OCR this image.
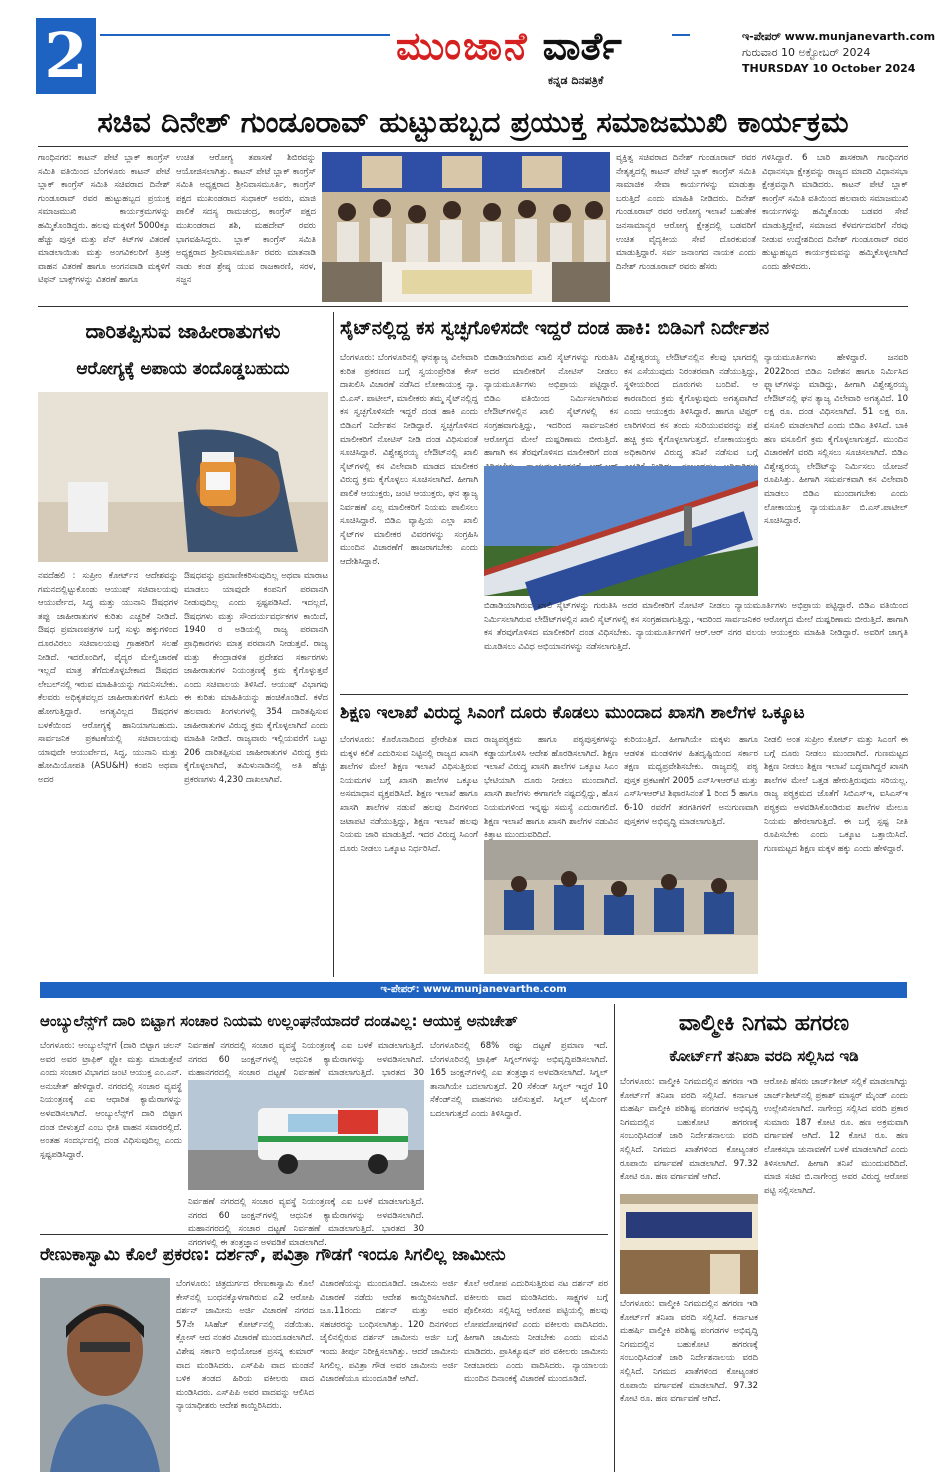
2	ಮುಂಜಾನೆ ವಾರ್ತೆ
ಕನ್ನಡ ದಿನಪತ್ರಿಕೆ
ಇ-ಪೇಪರ್ www.munjanevarth.com
ಗುರುವಾರ 10 ಅಕ್ಟೋಬರ್ 2024
THURSDAY 10 October 2024
ಸಚಿವ ದಿನೇಶ್ ಗುಂಡೂರಾವ್ ಹುಟ್ಟುಹಬ್ಬದ ಪ್ರಯುಕ್ತ ಸಮಾಜಮುಖಿ ಕಾರ್ಯಕ್ರಮ
ಗಾಂಧಿನಗರ: ಕಾಟನ್ ಪೇಟೆ ಬ್ಲಾಕ್ ಕಾಂಗ್ರೆಸ್ ಸಮಿತಿ ವತಿಯಿಂದ ಬೆಂಗಳೂರು ಕಾಟನ್ ಪೇಟೆ ಬ್ಲಾಕ್ ಕಾಂಗ್ರೆಸ್ ಸಮಿತಿ ಸಚಿವರಾದ ದಿನೇಶ್ ಗುಂಡೂರಾವ್ ರವರ ಹುಟ್ಟುಹಬ್ಬದ ಪ್ರಯುಕ್ತ ಸಮಾಜಮುಖಿ ಕಾರ್ಯಕ್ರಮಗಳನ್ನು ಹಮ್ಮಿಕೊಂಡಿದ್ದರು. ಹಲವು ಮಕ್ಕಳಿಗೆ 5000ಕ್ಕೂ ಹೆಚ್ಚು ಪುಸ್ತಕ ಮತ್ತು ಪೆನ್ ಕಿಟ್‌ಗಳ ವಿತರಣೆ ಮಾಡಲಾಯಿತು ಮತ್ತು ಅಂಗವಿಕಲರಿಗೆ ತ್ರಿಚಕ್ರ ವಾಹನ ವಿತರಣೆ ಹಾಗೂ ಅಂಗನವಾಡಿ ಮಕ್ಕಳಿಗೆ ಟಿಫನ್ ಬಾಕ್ಸ್‌ಗಳನ್ನು ವಿತರಣೆ ಹಾಗೂ
ಉಚಿತ ಆರೋಗ್ಯ ತಪಾಸಣೆ ಶಿಬಿರವನ್ನು ಆಯೋಜಿಸಲಾಗಿತ್ತು. ಕಾಟನ್ ಪೇಟೆ ಬ್ಲಾಕ್ ಕಾಂಗ್ರೆಸ್ ಸಮಿತಿ ಅಧ್ಯಕ್ಷರಾದ ಶ್ರೀನಿವಾಸಮೂರ್ತಿ, ಕಾಂಗ್ರೆಸ್ ಪಕ್ಷದ ಮುಖಂಡರಾದ ಸುಧಾಕರ್ ಅವರು, ಮಾಜಿ ಪಾಲಿಕೆ ಸದಸ್ಯ ರಾಮಚಂದ್ರ, ಕಾಂಗ್ರೆಸ್ ಪಕ್ಷದ ಮುಖಂಡರಾದ ಶಶಿ, ಮಹದೇವ್ ರವರು ಭಾಗವಹಿಸಿದ್ದರು. ಬ್ಲಾಕ್ ಕಾಂಗ್ರೆಸ್ ಸಮಿತಿ ಅಧ್ಯಕ್ಷರಾದ ಶ್ರೀನಿವಾಸಮೂರ್ತಿ ರವರು ಮಾತನಾಡಿ ನಾಡು ಕಂಡ ಶ್ರೇಷ್ಠ ಯುವ ರಾಜಕಾರಣಿ, ಸರಳ, ಸಜ್ಜನ
ವ್ಯಕ್ತಿತ್ವ ಸಚಿವರಾದ ದಿನೇಶ್ ಗುಂಡೂರಾವ್ ರವರ ನೇತೃತ್ವದಲ್ಲಿ ಕಾಟನ್ ಪೇಟೆ ಬ್ಲಾಕ್ ಕಾಂಗ್ರೆಸ್ ಸಮಿತಿ ಸಾಮಾಜಿಕ ಸೇವಾ ಕಾರ್ಯಗಳನ್ನು ಮಾಡುತ್ತಾ ಬರುತ್ತಿದೆ ಎಂದು ಮಾಹಿತಿ ನೀಡಿದರು. ದಿನೇಶ್ ಗುಂಡೂರಾವ್ ರವರ ಆರೋಗ್ಯ ಇಲಾಖೆ ಬಹುತೇಕ ಜನಸಾಮಾನ್ಯರ ಆರೋಗ್ಯ ಕ್ಷೇತ್ರದಲ್ಲಿ ಬಡವರಿಗೆ ಉಚಿತ ವೈದ್ಯಕೀಯ ಸೇವೆ ದೊರಕುವಂತೆ ಮಾಡುತ್ತಿದ್ದಾರೆ. ಸರ್ವ ಜನಾಂಗದ ನಾಯಕ ಎಂದು ದಿನೇಶ್ ಗುಂಡೂರಾವ್ ರವರು ಹೆಸರು
ಗಳಿಸಿದ್ದಾರೆ. 6 ಬಾರಿ ಶಾಸಕರಾಗಿ ಗಾಂಧಿನಗರ ವಿಧಾನಸಭಾ ಕ್ಷೇತ್ರವನ್ನು ರಾಜ್ಯದ ಮಾದರಿ ವಿಧಾನಸಭಾ ಕ್ಷೇತ್ರವನ್ನಾಗಿ ಮಾಡಿದರು. ಕಾಟನ್ ಪೇಟೆ ಬ್ಲಾಕ್ ಕಾಂಗ್ರೆಸ್ ಸಮಿತಿ ವತಿಯಿಂದ ಹಲವಾರು ಸಮಾಜಮುಖಿ ಕಾರ್ಯಗಳನ್ನು ಹಮ್ಮಿಕೊಂಡು ಬಡವರ ಸೇವೆ ಮಾಡುತ್ತಿದ್ದೇವೆ, ಸಮಾಜದ ಕೆಳವರ್ಗದವರಿಗೆ ನೆರವು ನೀಡುವ ಉದ್ದೇಶದಿಂದ ದಿನೇಶ್ ಗುಂಡೂರಾವ್ ರವರ ಹುಟ್ಟುಹಬ್ಬದ ಕಾರ್ಯಕ್ರಮವನ್ನು ಹಮ್ಮಿಕೊಳ್ಳಲಾಗಿದೆ ಎಂದು ಹೇಳಿದರು.
ದಾರಿತಪ್ಪಿಸುವ ಜಾಹೀರಾತುಗಳು
ಆರೋಗ್ಯಕ್ಕೆ ಅಪಾಯ ತಂದೊಡ್ಡಬಹುದು
ನವದೆಹಲಿ : ಸುಪ್ರೀಂ ಕೋರ್ಟ್‌ನ ಆದೇಶವನ್ನು ಗಮನದಲ್ಲಿಟ್ಟುಕೊಂಡು ಆಯುಷ್ ಸಚಿವಾಲಯವು ಆಯುರ್ವೇದ, ಸಿದ್ಧ ಮತ್ತು ಯುನಾನಿ ಔಷಧಗಳ ತಪ್ಪು ಜಾಹೀರಾತುಗಳ ಕುರಿತು ಎಚ್ಚರಿಕೆ ನೀಡಿದೆ. ಔಷಧ ಪ್ರಮಾಣಪತ್ರಗಳ ಬಗ್ಗೆ ಸುಳ್ಳು ಹಕ್ಕುಗಳಿಂದ ದೂರವಿರಲು ಸಚಿವಾಲಯವು ಗ್ರಾಹಕರಿಗೆ ಸಲಹೆ ನೀಡಿದೆ. ಇದರೊಂದಿಗೆ, ವೈದ್ಯರ ಮೇಲ್ವಿಚಾರಣೆ ಇಲ್ಲದೆ ಮಾತ್ರ ತೆಗೆದುಕೊಳ್ಳಬೇಕಾದ ಔಷಧದ ಲೇಬಲ್‌ನಲ್ಲಿ ಇರುವ ಮಾಹಿತಿಯನ್ನು ಗಮನಿಸಬೇಕು. ಕೆಲವರು ಅಧಿಕೃತವಲ್ಲದ ಜಾಹೀರಾತುಗಳಿಗೆ ಕುಸಿದು ಹೋಗುತ್ತಿದ್ದಾರೆ. ಅಗತ್ಯವಿಲ್ಲದ ಔಷಧಗಳ ಬಳಕೆಯಿಂದ ಆರೋಗ್ಯಕ್ಕೆ ಹಾನಿಯಾಗಬಹುದು. ಸಾರ್ವಜನಿಕ ಪ್ರಕಟಣೆಯಲ್ಲಿ ಸಚಿವಾಲಯವು ಯಾವುದೇ ಆಯುರ್ವೇದ, ಸಿದ್ಧ, ಯುನಾನಿ ಮತ್ತು ಹೋಮಿಯೋಪತಿ (ASU&H) ಕಂಪನಿ ಅಥವಾ ಅದರ
ಔಷಧವನ್ನು ಪ್ರಮಾಣೀಕರಿಸುವುದಿಲ್ಲ ಅಥವಾ ಮಾರಾಟ ಮಾಡಲು ಯಾವುದೇ ಕಂಪನಿಗೆ ಪರವಾನಗಿ ನೀಡುವುದಿಲ್ಲ ಎಂದು ಸ್ಪಷ್ಟಪಡಿಸಿದೆ. ಇದಲ್ಲದೆ, ಔಷಧಗಳು ಮತ್ತು ಸೌಂದರ್ಯವರ್ಧಕಗಳ ಕಾಯಿದೆ, 1940 ರ ಅಡಿಯಲ್ಲಿ ರಾಜ್ಯ ಪರವಾನಗಿ ಪ್ರಾಧಿಕಾರಗಳು ಮಾತ್ರ ಪರವಾನಗಿ ನೀಡುತ್ತವೆ. ರಾಜ್ಯ ಮತ್ತು ಕೇಂದ್ರಾಡಳಿತ ಪ್ರದೇಶದ ಸರ್ಕಾರಗಳು ಜಾಹೀರಾತುಗಳ ನಿಯಂತ್ರಣಕ್ಕೆ ಕ್ರಮ ಕೈಗೊಳ್ಳುತ್ತವೆ ಎಂದು ಸಚಿವಾಲಯ ತಿಳಿಸಿದೆ. ಆಯುಷ್ ವಿಭಾಗವು ಈ ಕುರಿತು ಮಾಹಿತಿಯನ್ನು ಹಂಚಿಕೊಂಡಿದೆ. ಕಳೆದ ಹಲವಾರು ತಿಂಗಳುಗಳಲ್ಲಿ 354 ದಾರಿತಪ್ಪಿಸುವ ಜಾಹೀರಾತುಗಳ ವಿರುದ್ಧ ಕ್ರಮ ಕೈಗೊಳ್ಳಲಾಗಿದೆ ಎಂದು ಮಾಹಿತಿ ನೀಡಿದೆ. ರಾಜ್ಯವಾರು ಇಲ್ಲಿಯವರೆಗೆ ಒಟ್ಟು 206 ದಾರಿತಪ್ಪಿಸುವ ಜಾಹೀರಾತುಗಳ ವಿರುದ್ಧ ಕ್ರಮ ಕೈಗೊಳ್ಳಲಾಗಿದೆ, ತಮಿಳುನಾಡಿನಲ್ಲಿ ಅತಿ ಹೆಚ್ಚು ಪ್ರಕರಣಗಳು 4,230 ದಾಖಲಾಗಿವೆ.
ಸೈಟ್‌ನಲ್ಲಿದ್ದ ಕಸ ಸ್ವಚ್ಛಗೊಳಿಸದೇ ಇದ್ದರೆ ದಂಡ ಹಾಕಿ: ಬಿಡಿಎಗೆ ನಿರ್ದೇಶನ
ಬೆಂಗಳೂರು: ಬೆಂಗಳೂರಿನಲ್ಲಿ ಘನತ್ಯಾಜ್ಯ ವಿಲೇವಾರಿ ಕುರಿತ ಪ್ರಕರಣದ ಬಗ್ಗೆ ಸ್ವಯಂಪ್ರೇರಿತ ಕೇಸ್ ದಾಖಲಿಸಿ ವಿಚಾರಣೆ ನಡೆಸಿದ ಲೋಕಾಯುಕ್ತ ನ್ಯಾ. ಬಿ.ಎಸ್. ಪಾಟೀಲ್, ಮಾಲೀಕರು ತಮ್ಮ ಸೈಟ್‌ನಲ್ಲಿದ್ದ ಕಸ ಸ್ವಚ್ಛಗೊಳಿಸದೇ ಇದ್ದರೆ ದಂಡ ಹಾಕಿ ಎಂದು ಬಿಡಿಎಗೆ ನಿರ್ದೇಶನ ನೀಡಿದ್ದಾರೆ. ಸ್ವಚ್ಛಗೊಳಿಸದ ಮಾಲೀಕರಿಗೆ ನೋಟಿಸ್ ನೀಡಿ ದಂಡ ವಿಧಿಸುವಂತೆ ಸೂಚಿಸಿದ್ದಾರೆ. ವಿಶ್ವೇಶ್ವರಯ್ಯ ಲೇಔಟ್‌ನಲ್ಲಿ ಖಾಲಿ ಸೈಟ್‌ಗಳಲ್ಲಿ ಕಸ ವಿಲೇವಾರಿ ಮಾಡದ ಮಾಲೀಕರ ವಿರುದ್ಧ ಕ್ರಮ ಕೈಗೊಳ್ಳಲು ಸೂಚಿಸಲಾಗಿದೆ. ಹೀಗಾಗಿ ಪಾಲಿಕೆ ಆಯುಕ್ತರು, ಜಂಟಿ ಆಯುಕ್ತರು, ಘನ ತ್ಯಾಜ್ಯ ನಿರ್ವಹಣೆ ಎಲ್ಲ ಮಾಲೀಕರಿಗೆ ನಿಯಮ ಪಾಲಿಸಲು ಸೂಚಿಸಿದ್ದಾರೆ. ಬಿಡಿಎ ವ್ಯಾಪ್ತಿಯ ಎಲ್ಲಾ ಖಾಲಿ ಸೈಟ್‌ಗಳ ಮಾಲೀಕರ ವಿವರಗಳನ್ನು ಸಂಗ್ರಹಿಸಿ ಮುಂದಿನ ವಿಚಾರಣೆಗೆ ಹಾಜರಾಗಬೇಕು ಎಂದು ಆದೇಶಿಸಿದ್ದಾರೆ.
ಬಿಡಾಡಿಯಾಗಿರುವ ಖಾಲಿ ಸೈಟ್‌ಗಳನ್ನು ಗುರುತಿಸಿ ಅದರ ಮಾಲೀಕರಿಗೆ ನೋಟಿಸ್ ನೀಡಲು ನ್ಯಾಯಮೂರ್ತಿಗಳು ಅಭಿಪ್ರಾಯ ಪಟ್ಟಿದ್ದಾರೆ. ಬಿಡಿಎ ವತಿಯಿಂದ ನಿರ್ಮಿಸಲಾಗಿರುವ ಲೇಔಟ್‌ಗಳಲ್ಲಿನ ಖಾಲಿ ಸೈಟ್‌ಗಳಲ್ಲಿ ಕಸ ಸಂಗ್ರಹವಾಗುತ್ತಿದ್ದು, ಇದರಿಂದ ಸಾರ್ವಜನಿಕರ ಆರೋಗ್ಯದ ಮೇಲೆ ದುಷ್ಪರಿಣಾಮ ಬೀರುತ್ತಿದೆ. ಹಾಗಾಗಿ ಕಸ ತೆರವುಗೊಳಿಸದ ಮಾಲೀಕರಿಗೆ ದಂಡ
ವಿಶ್ವೇಶ್ವರಯ್ಯ ಲೇಔಟ್‌ನಲ್ಲಿನ ಕೆಲವು ಭಾಗದಲ್ಲಿ ಕಸ ಎಸೆಯುವುದು ನಿರಂತರವಾಗಿ ನಡೆಯುತ್ತಿದ್ದು, ಸ್ಥಳೀಯರಿಂದ ದೂರುಗಳು ಬಂದಿವೆ. ಆ ಕಾರಣದಿಂದ ಕ್ರಮ ಕೈಗೊಳ್ಳುವುದು ಅಗತ್ಯವಾಗಿದೆ ಎಂದು ಆಯುಕ್ತರು ತಿಳಿಸಿದ್ದಾರೆ. ಹಾಗೂ ಟಿಪ್ಪರ್ ಲಾರಿಗಳಿಂದ ಕಸ ತಂದು ಸುರಿಯುವವರನ್ನು ಪತ್ತೆ ಹಚ್ಚಿ ಕ್ರಮ ಕೈಗೊಳ್ಳಲಾಗುತ್ತದೆ. ಲೋಕಾಯುಕ್ತರು ಅಧಿಕಾರಿಗಳ ವಿರುದ್ಧ ತನಿಖೆ ನಡೆಸುವ ಬಗ್ಗೆ
ನ್ಯಾಯಮೂರ್ತಿಗಳು ಹೇಳಿದ್ದಾರೆ. ಜನವರಿ 2022ರಿಂದ ಬಿಡಿಎ ನಿವೇಶನ ಹಾಗೂ ನಿರ್ಮಿಸಿದ ಫ್ಲ್ಯಾಟ್‌ಗಳನ್ನು ಮಾಡಿದ್ದು, ಹೀಗಾಗಿ ವಿಶ್ವೇಶ್ವರಯ್ಯ ಲೇಔಟ್‌ನಲ್ಲಿ ಘನ ತ್ಯಾಜ್ಯ ವಿಲೇವಾರಿ ಅಗತ್ಯವಿದೆ. 10 ಲಕ್ಷ ರೂ. ದಂಡ ವಿಧಿಸಲಾಗಿದೆ. 51 ಲಕ್ಷ ರೂ. ವಸೂಲಿ ಮಾಡಲಾಗಿದೆ ಎಂದು ಬಿಡಿಎ ತಿಳಿಸಿದೆ. ಬಾಕಿ ಹಣ ವಸೂಲಿಗೆ ಕ್ರಮ ಕೈಗೊಳ್ಳಲಾಗುತ್ತದೆ. ಮುಂದಿನ ವಿಚಾರಣೆಗೆ ವರದಿ ಸಲ್ಲಿಸಲು ಸೂಚಿಸಲಾಗಿದೆ. ಬಿಡಿಎ ವಿಶ್ವೇಶ್ವರಯ್ಯ ಲೇಔಟ್‌ನ್ನು ನಿರ್ಮಿಸಲು ಯೋಜನೆ ರೂಪಿಸಿತ್ತು. ಹೀಗಾಗಿ ಸಮರ್ಪಕವಾಗಿ ಕಸ ವಿಲೇವಾರಿ ಮಾಡಲು ಬಿಡಿಎ ಮುಂದಾಗಬೇಕು ಎಂದು ಲೋಕಾಯುಕ್ತ ನ್ಯಾಯಮೂರ್ತಿ ಬಿ.ಎಸ್.ಪಾಟೀಲ್ ಸೂಚಿಸಿದ್ದಾರೆ.
ಬಿಡಾಡಿಯಾಗಿರುವ ಖಾಲಿ ಸೈಟ್‌ಗಳನ್ನು ಗುರುತಿಸಿ ಅದರ ಮಾಲೀಕರಿಗೆ ನೋಟಿಸ್ ನೀಡಲು ನ್ಯಾಯಮೂರ್ತಿಗಳು ಅಭಿಪ್ರಾಯ ಪಟ್ಟಿದ್ದಾರೆ. ಬಿಡಿಎ ವತಿಯಿಂದ ನಿರ್ಮಿಸಲಾಗಿರುವ ಲೇಔಟ್‌ಗಳಲ್ಲಿನ ಖಾಲಿ ಸೈಟ್‌ಗಳಲ್ಲಿ ಕಸ ಸಂಗ್ರಹವಾಗುತ್ತಿದ್ದು, ಇದರಿಂದ ಸಾರ್ವಜನಿಕರ ಆರೋಗ್ಯದ ಮೇಲೆ ದುಷ್ಪರಿಣಾಮ ಬೀರುತ್ತಿದೆ. ಹಾಗಾಗಿ ಕಸ ತೆರವುಗೊಳಿಸದ ಮಾಲೀಕರಿಗೆ ದಂಡ ವಿಧಿಸಬೇಕು. ನ್ಯಾಯಮೂರ್ತಿಗಳಿಗೆ ಆರ್.ಆರ್ ನಗರ ವಲಯ ಆಯುಕ್ತರು ಮಾಹಿತಿ ನೀಡಿದ್ದಾರೆ. ಅವರಿಗೆ ಜಾಗೃತಿ ಮೂಡಿಸಲು ವಿವಿಧ ಅಭಿಯಾನಗಳನ್ನು ನಡೆಸಲಾಗುತ್ತಿದೆ.
ಶಿಕ್ಷಣ ಇಲಾಖೆ ವಿರುದ್ಧ ಸಿಎಂಗೆ ದೂರು ಕೊಡಲು ಮುಂದಾದ ಖಾಸಗಿ ಶಾಲೆಗಳ ಒಕ್ಕೂಟ
ಬೆಂಗಳೂರು: ಕೊರೊನಾದಿಂದ ಪ್ರೇರೇಪಿತ ವಾದ ಮಕ್ಕಳ ಕಲಿಕೆ ಎದುರಿಸುವ ನಿಟ್ಟಿನಲ್ಲಿ ರಾಜ್ಯದ ಖಾಸಗಿ ಶಾಲೆಗಳ ಮೇಲೆ ಶಿಕ್ಷಣ ಇಲಾಖೆ ವಿಧಿಸುತ್ತಿರುವ ನಿಯಮಗಳ ಬಗ್ಗೆ ಖಾಸಗಿ ಶಾಲೆಗಳ ಒಕ್ಕೂಟ ಅಸಮಾಧಾನ ವ್ಯಕ್ತಪಡಿಸಿದೆ. ಶಿಕ್ಷಣ ಇಲಾಖೆ ಹಾಗೂ ಖಾಸಗಿ ಶಾಲೆಗಳ ನಡುವೆ ಹಲವು ದಿನಗಳಿಂದ ಜಟಾಪಟಿ ನಡೆಯುತ್ತಿದ್ದು, ಶಿಕ್ಷಣ ಇಲಾಖೆ ಹಲವು ನಿಯಮ ಜಾರಿ ಮಾಡುತ್ತಿದೆ. ಇದರ ವಿರುದ್ಧ ಸಿಎಂಗೆ ದೂರು ನೀಡಲು ಒಕ್ಕೂಟ ನಿರ್ಧರಿಸಿದೆ.
ರಾಜ್ಯಪಠ್ಯಕ್ರಮ ಹಾಗೂ ಪಠ್ಯಪುಸ್ತಕಗಳನ್ನು ಕಡ್ಡಾಯಗೊಳಿಸಿ ಆದೇಶ ಹೊರಡಿಸಲಾಗಿದೆ. ಶಿಕ್ಷಣ ಇಲಾಖೆ ವಿರುದ್ಧ ಖಾಸಗಿ ಶಾಲೆಗಳ ಒಕ್ಕೂಟ ಸಿಎಂ ಭೇಟಿಯಾಗಿ ದೂರು ನೀಡಲು ಮುಂದಾಗಿದೆ. ಖಾಸಗಿ ಶಾಲೆಗಳು ಈಗಾಗಲೇ ನಷ್ಟದಲ್ಲಿದ್ದು, ಹೊಸ ನಿಯಮಗಳಿಂದ ಇನ್ನಷ್ಟು ಸಮಸ್ಯೆ ಎದುರಾಗಲಿದೆ. ಶಿಕ್ಷಣ ಇಲಾಖೆ ಹಾಗೂ ಖಾಸಗಿ ಶಾಲೆಗಳ ನಡುವಿನ ಕಿತ್ತಾಟ ಮುಂದುವರಿದಿದೆ.
ಕುರಿಯುತ್ತಿದೆ. ಹೀಗಾಗಿಯೇ ಮಕ್ಕಳು ಹಾಗೂ ಆಡಳಿತ ಮಂಡಳಿಗಳ ಹಿತದೃಷ್ಟಿಯಿಂದ ಸರ್ಕಾರ ತಕ್ಷಣ ಮಧ್ಯಪ್ರವೇಶಿಸಬೇಕು. ರಾಜ್ಯದಲ್ಲಿ ಪಠ್ಯ ಪುಸ್ತಕ ಪ್ರಕಟಣೆಗೆ 2005 ಎನ್‌ಸಿಇಆರ್‌ಟಿ ಮತ್ತು ಎಸ್‌ಸಿಇಆರ್‌ಟಿ ಶಿಫಾರಸಿನಂತೆ 1 ರಿಂದ 5 ಹಾಗೂ 6-10 ರವರೆಗೆ ತರಗತಿಗಳಿಗೆ ಅನುಗುಣವಾಗಿ ಪುಸ್ತಕಗಳ ಅಭಿವೃದ್ಧಿ ಮಾಡಲಾಗುತ್ತಿದೆ.
ನೀಡಲಿ ಅಂತ ಸುಪ್ರೀಂ ಕೋರ್ಟ್ ಮತ್ತು ಸಿಎಂಗೆ ಈ ಬಗ್ಗೆ ದೂರು ನೀಡಲು ಮುಂದಾಗಿದೆ. ಗುಣಮಟ್ಟದ ಶಿಕ್ಷಣ ನೀಡಲು ಶಿಕ್ಷಣ ಇಲಾಖೆ ಬದ್ಧವಾಗಿದ್ದರೆ ಖಾಸಗಿ ಶಾಲೆಗಳ ಮೇಲೆ ಒತ್ತಡ ಹೇರುತ್ತಿರುವುದು ಸರಿಯಲ್ಲ. ರಾಜ್ಯ ಪಠ್ಯಕ್ರಮದ ಜೊತೆಗೆ ಸಿಬಿಎಸ್‌ಇ, ಐಸಿಎಸ್‌ಇ ಪಠ್ಯಕ್ರಮ ಅಳವಡಿಸಿಕೊಂಡಿರುವ ಶಾಲೆಗಳ ಮೇಲೂ ನಿಯಮ ಹೇರಲಾಗುತ್ತಿದೆ. ಈ ಬಗ್ಗೆ ಸ್ಪಷ್ಟ ನೀತಿ ರೂಪಿಸಬೇಕು ಎಂದು ಒಕ್ಕೂಟ ಒತ್ತಾಯಿಸಿದೆ. ಗುಣಮಟ್ಟದ ಶಿಕ್ಷಣ ಮಕ್ಕಳ ಹಕ್ಕು ಎಂದು ಹೇಳಿದ್ದಾರೆ.
ಇ-ಪೇಪರ್: www.munjanevarthe.com
ಆಂಬ್ಯುಲೆನ್ಸ್‌ಗೆ ದಾರಿ ಬಿಟ್ಟಾಗ ಸಂಚಾರ ನಿಯಮ ಉಲ್ಲಂಘನೆಯಾದರೆ ದಂಡವಿಲ್ಲ: ಆಯುಕ್ತ ಅನುಚೇತ್
ಬೆಂಗಳೂರು: ಆಂಬ್ಯುಲೆನ್ಸ್‌ಗೆ (ದಾರಿ ಬಿಟ್ಟಾಗ ಚಲನ್ ಅವರ ಅವರ ಟ್ರಾಫಿಕ್ ಫ್ಲೋ ಮತ್ತು ಮಾಡುತ್ತೇವೆ ಎಂದು ಸಂಚಾರ ವಿಭಾಗದ ಜಂಟಿ ಆಯುಕ್ತ ಎಂ.ಎನ್. ಅನುಚೇತ್ ಹೇಳಿದ್ದಾರೆ. ನಗರದಲ್ಲಿ ಸಂಚಾರ ವ್ಯವಸ್ಥೆ ನಿಯಂತ್ರಣಕ್ಕೆ ಎಐ ಆಧಾರಿತ ಕ್ಯಾಮೆರಾಗಳನ್ನು ಅಳವಡಿಸಲಾಗಿದೆ. ಆಂಬ್ಯುಲೆನ್ಸ್‌ಗೆ ದಾರಿ ಬಿಟ್ಟಾಗ ದಂಡ ಬೀಳುತ್ತದೆ ಎಂಬ ಭೀತಿ ವಾಹನ ಸವಾರರಲ್ಲಿದೆ. ಅಂತಹ ಸಂದರ್ಭದಲ್ಲಿ ದಂಡ ವಿಧಿಸುವುದಿಲ್ಲ ಎಂದು ಸ್ಪಷ್ಟಪಡಿಸಿದ್ದಾರೆ.
ನಿರ್ವಹಣೆ ನಗರದಲ್ಲಿ ಸಂಚಾರ ವ್ಯವಸ್ಥೆ ನಿಯಂತ್ರಣಕ್ಕೆ ಎಐ ಬಳಕೆ ಮಾಡಲಾಗುತ್ತಿದೆ. ನಗರದ 60 ಜಂಕ್ಷನ್‌ಗಳಲ್ಲಿ ಆಧುನಿಕ ಕ್ಯಾಮೆರಾಗಳನ್ನು ಅಳವಡಿಸಲಾಗಿದೆ. ಮಹಾನಗರದಲ್ಲಿ ಸಂಚಾರ ದಟ್ಟಣೆ ನಿರ್ವಹಣೆ ಮಾಡಲಾಗುತ್ತಿದೆ. ಭಾರತದ 30
ನಿರ್ವಹಣೆ ನಗರದಲ್ಲಿ ಸಂಚಾರ ವ್ಯವಸ್ಥೆ ನಿಯಂತ್ರಣಕ್ಕೆ ಎಐ ಬಳಕೆ ಮಾಡಲಾಗುತ್ತಿದೆ. ನಗರದ 60 ಜಂಕ್ಷನ್‌ಗಳಲ್ಲಿ ಆಧುನಿಕ ಕ್ಯಾಮೆರಾಗಳನ್ನು ಅಳವಡಿಸಲಾಗಿದೆ. ಮಹಾನಗರದಲ್ಲಿ ಸಂಚಾರ ದಟ್ಟಣೆ ನಿರ್ವಹಣೆ ಮಾಡಲಾಗುತ್ತಿದೆ. ಭಾರತದ 30 ನಗರಗಳಲ್ಲಿ ಈ ತಂತ್ರಜ್ಞಾನ ಅಳವಡಿಕೆ ಮಾಡಲಾಗಿದೆ.
ಬೆಂಗಳೂರಿನಲ್ಲಿ 68% ರಷ್ಟು ದಟ್ಟಣೆ ಪ್ರಮಾಣ ಇದೆ. ಬೆಂಗಳೂರಿನಲ್ಲಿ ಟ್ರಾಫಿಕ್ ಸಿಗ್ನಲ್‌ಗಳನ್ನು ಅಭಿವೃದ್ಧಿಪಡಿಸಲಾಗಿದೆ. 165 ಜಂಕ್ಷನ್‌ಗಳಲ್ಲಿ ಎಐ ತಂತ್ರಜ್ಞಾನ ಅಳವಡಿಸಲಾಗಿದೆ. ಸಿಗ್ನಲ್ ತಾನಾಗಿಯೇ ಬದಲಾಗುತ್ತದೆ. 20 ಸೆಕೆಂಡ್ ಸಿಗ್ನಲ್ ಇದ್ದರೆ 10 ಸೆಕೆಂಡ್‌ನಲ್ಲಿ ವಾಹನಗಳು ಚಲಿಸುತ್ತವೆ. ಸಿಗ್ನಲ್ ಟೈಮಿಂಗ್ ಬದಲಾಗುತ್ತದೆ ಎಂದು ತಿಳಿಸಿದ್ದಾರೆ.
ವಾಲ್ಮೀಕಿ ನಿಗಮ ಹಗರಣ
ಕೋರ್ಟ್‌ಗೆ ತನಿಖಾ ವರದಿ ಸಲ್ಲಿಸಿದ ಇಡಿ
ಬೆಂಗಳೂರು: ವಾಲ್ಮೀಕಿ ನಿಗಮದಲ್ಲಿನ ಹಗರಣ ಇಡಿ ಕೋರ್ಟ್‌ಗೆ ತನಿಖಾ ವರದಿ ಸಲ್ಲಿಸಿದೆ. ಕರ್ನಾಟಕ ಮಹರ್ಷಿ ವಾಲ್ಮೀಕಿ ಪರಿಶಿಷ್ಟ ಪಂಗಡಗಳ ಅಭಿವೃದ್ಧಿ ನಿಗಮದಲ್ಲಿನ ಬಹುಕೋಟಿ ಹಗರಣಕ್ಕೆ ಸಂಬಂಧಿಸಿದಂತೆ ಜಾರಿ ನಿರ್ದೇಶನಾಲಯ ವರದಿ ಸಲ್ಲಿಸಿದೆ. ನಿಗಮದ ಖಾತೆಗಳಿಂದ ಕೋಟ್ಯಂತರ ರೂಪಾಯಿ ವರ್ಗಾವಣೆ ಮಾಡಲಾಗಿದೆ. 97.32 ಕೋಟಿ ರೂ. ಹಣ ವರ್ಗಾವಣೆ ಆಗಿದೆ.
ಆರೋಪಿ ಹೆಸರು ಚಾರ್ಜ್‌ಶೀಟ್ ಸಲ್ಲಿಕೆ ಮಾಡಲಾಗಿದ್ದು ಚಾರ್ಜ್‌ಶೀಟ್‌ನಲ್ಲಿ ಪ್ರಕಾಶ್ ಮಾಸ್ಟರ್ ಮೈಂಡ್ ಎಂದು ಉಲ್ಲೇಖಿಸಲಾಗಿದೆ. ನಾಗೇಂದ್ರ ಸಲ್ಲಿಸಿದ ವರದಿ ಪ್ರಕಾರ ಸುಮಾರು 187 ಕೋಟಿ ರೂ. ಹಣ ಅಕ್ರಮವಾಗಿ ವರ್ಗಾವಣೆ ಆಗಿದೆ. 12 ಕೋಟಿ ರೂ. ಹಣ ಲೋಕಸಭಾ ಚುನಾವಣೆಗೆ ಬಳಕೆ ಮಾಡಲಾಗಿದೆ ಎಂದು ತಿಳಿಸಲಾಗಿದೆ. ಹೀಗಾಗಿ ತನಿಖೆ ಮುಂದುವರಿದಿದೆ. ಮಾಜಿ ಸಚಿವ ಬಿ.ನಾಗೇಂದ್ರ ಅವರ ವಿರುದ್ಧ ಆರೋಪ ಪಟ್ಟಿ ಸಲ್ಲಿಸಲಾಗಿದೆ.
ಬೆಂಗಳೂರು: ವಾಲ್ಮೀಕಿ ನಿಗಮದಲ್ಲಿನ ಹಗರಣ ಇಡಿ ಕೋರ್ಟ್‌ಗೆ ತನಿಖಾ ವರದಿ ಸಲ್ಲಿಸಿದೆ. ಕರ್ನಾಟಕ ಮಹರ್ಷಿ ವಾಲ್ಮೀಕಿ ಪರಿಶಿಷ್ಟ ಪಂಗಡಗಳ ಅಭಿವೃದ್ಧಿ ನಿಗಮದಲ್ಲಿನ ಬಹುಕೋಟಿ ಹಗರಣಕ್ಕೆ ಸಂಬಂಧಿಸಿದಂತೆ ಜಾರಿ ನಿರ್ದೇಶನಾಲಯ ವರದಿ ಸಲ್ಲಿಸಿದೆ. ನಿಗಮದ ಖಾತೆಗಳಿಂದ ಕೋಟ್ಯಂತರ ರೂಪಾಯಿ ವರ್ಗಾವಣೆ ಮಾಡಲಾಗಿದೆ. 97.32 ಕೋಟಿ ರೂ. ಹಣ ವರ್ಗಾವಣೆ ಆಗಿದೆ.
ರೇಣುಕಾಸ್ವಾಮಿ ಕೊಲೆ ಪ್ರಕರಣ: ದರ್ಶನ್, ಪವಿತ್ರಾ ಗೌಡಗೆ ಇಂದೂ ಸಿಗಲಿಲ್ಲ ಜಾಮೀನು
ಬೆಂಗಳೂರು: ಚಿತ್ರದುರ್ಗದ ರೇಣುಕಾಸ್ವಾಮಿ ಕೊಲೆ ಕೇಸ್‌ನಲ್ಲಿ ಬಂಧನಕ್ಕೊಳಗಾಗಿರುವ ಎ2 ಆರೋಪಿ ದರ್ಶನ್ ಜಾಮೀನು ಅರ್ಜಿ ವಿಚಾರಣೆ ನಗರದ 57ನೇ ಸಿಸಿಹೆಚ್ ಕೋರ್ಟ್‌ನಲ್ಲಿ ನಡೆಯಿತು. ಕ್ಲೋಸ್ ಆದ ನಂತರ ವಿಚಾರಣೆ ಮುಂದೂಡಲಾಗಿದೆ. ವಿಶೇಷ ಸರ್ಕಾರಿ ಅಭಿಯೋಜಕ ಪ್ರಸನ್ನ ಕುಮಾರ್ ವಾದ ಮಂಡಿಸಿದರು. ಎಸ್‌ಪಿಪಿ ವಾದ ಮಂಡನೆ ಬಳಿಕ ತಂಡದ ಹಿರಿಯ ವಕೀಲರು ವಾದ ಮಂಡಿಸಿದರು. ಎಸ್‌ಪಿಪಿ ಅವರ ವಾದವನ್ನು ಆಲಿಸಿದ ನ್ಯಾಯಾಧೀಶರು ಆದೇಶ ಕಾಯ್ದಿರಿಸಿದರು.
ವಿಚಾರಣೆಯನ್ನು ಮುಂದೂಡಿದೆ. ಜಾಮೀನು ಅರ್ಜಿ ವಿಚಾರಣೆ ನಡೆದು ಆದೇಶ ಕಾಯ್ದಿರಿಸಲಾಗಿದೆ. ಜೂ.11ರಂದು ದರ್ಶನ್ ಮತ್ತು ಅವರ ಸಹಚರರನ್ನು ಬಂಧಿಸಲಾಗಿತ್ತು. 120 ದಿನಗಳಿಂದ ಜೈಲಿನಲ್ಲಿರುವ ದರ್ಶನ್ ಜಾಮೀನು ಅರ್ಜಿ ಬಗ್ಗೆ ಇಂದು ತೀರ್ಪು ನಿರೀಕ್ಷಿಸಲಾಗಿತ್ತು. ಆದರೆ ಜಾಮೀನು ಸಿಗಲಿಲ್ಲ. ಪವಿತ್ರಾ ಗೌಡ ಅವರ ಜಾಮೀನು ಅರ್ಜಿ ವಿಚಾರಣೆಯೂ ಮುಂದೂಡಿಕೆ ಆಗಿದೆ.
ಕೊಲೆ ಆರೋಪ ಎದುರಿಸುತ್ತಿರುವ ನಟ ದರ್ಶನ್ ಪರ ವಕೀಲರು ವಾದ ಮಂಡಿಸಿದರು. ಸಾಕ್ಷ್ಯಗಳ ಬಗ್ಗೆ ಪೊಲೀಸರು ಸಲ್ಲಿಸಿದ್ದ ಆರೋಪ ಪಟ್ಟಿಯಲ್ಲಿ ಹಲವು ಲೋಪದೋಷಗಳಿವೆ ಎಂದು ವಕೀಲರು ವಾದಿಸಿದರು. ಹೀಗಾಗಿ ಜಾಮೀನು ನೀಡಬೇಕು ಎಂದು ಮನವಿ ಮಾಡಿದರು. ಪ್ರಾಸಿಕ್ಯೂಷನ್ ಪರ ವಕೀಲರು ಜಾಮೀನು ನೀಡಬಾರದು ಎಂದು ವಾದಿಸಿದರು. ನ್ಯಾಯಾಲಯ ಮುಂದಿನ ದಿನಾಂಕಕ್ಕೆ ವಿಚಾರಣೆ ಮುಂದೂಡಿದೆ.
